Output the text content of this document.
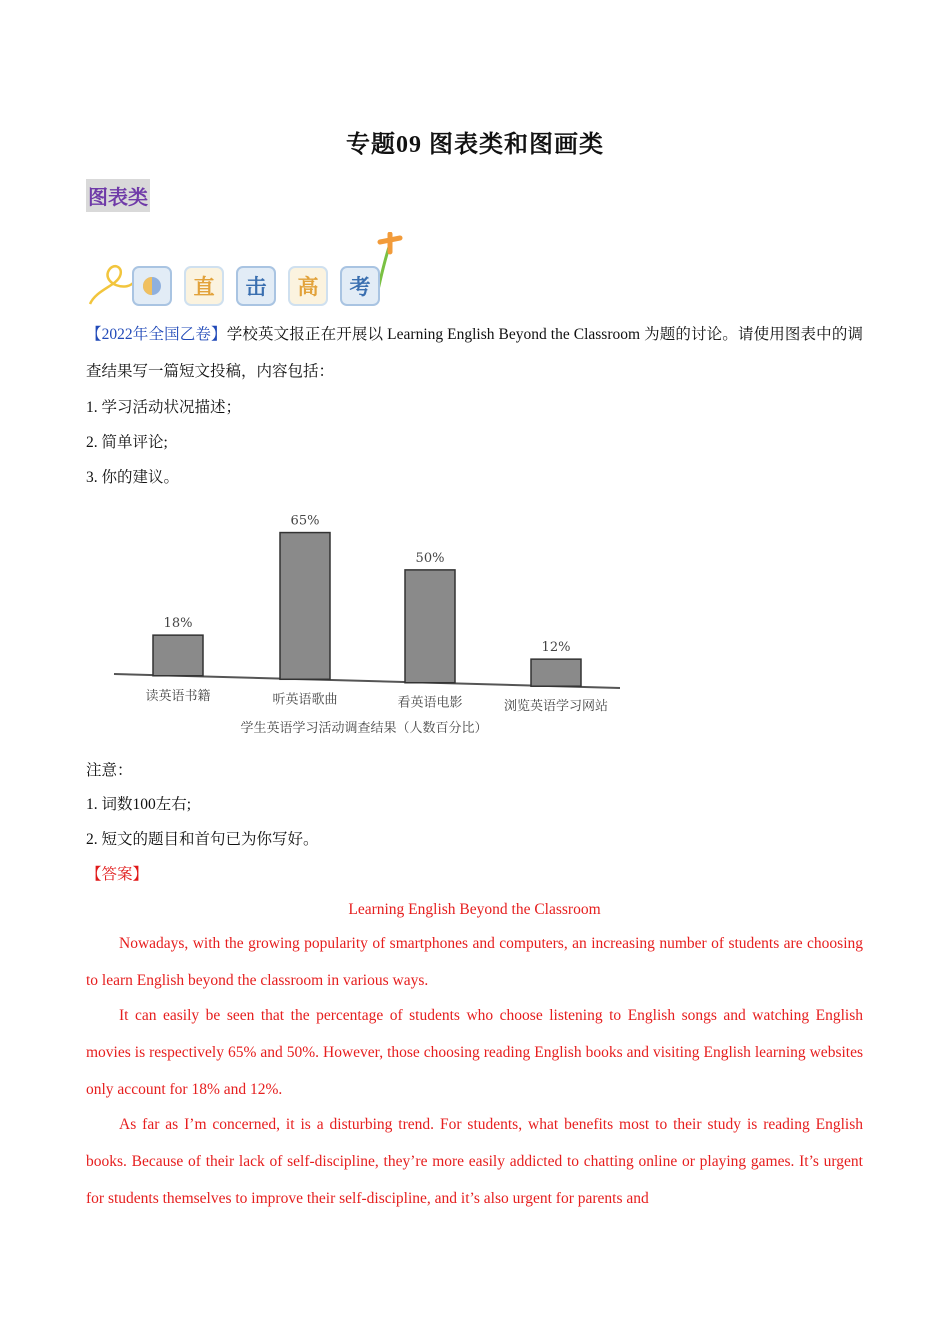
专题09 图表类和图画类
图表类
直	击	高	考
【2022年全国乙卷】学校英文报正在开展以 Learning English Beyond the Classroom 为题的讨论。请使用图表中的调查结果写一篇短文投稿，内容包括：
1. 学习活动状况描述；
2. 简单评论;
3. 你的建议。
18%
读英语书籍
65%
听英语歌曲
50%
看英语电影
12%
浏览英语学习网站
学生英语学习活动调查结果（人数百分比）
注意：
1. 词数100左右;
2. 短文的题目和首句已为你写好。
【答案】
Learning English Beyond the Classroom
Nowadays, with the growing popularity of smartphones and computers, an increasing number of students are choosing to learn English beyond the classroom in various ways.
It can easily be seen that the percentage of students who choose listening to English songs and watching English movies is respectively 65% and 50%. However, those choosing reading English books and visiting English learning websites only account for 18% and 12%.
As far as I’m concerned, it is a disturbing trend. For students, what benefits most to their study is reading English books. Because of their lack of self-discipline, they’re more easily addicted to chatting online or playing games. It’s urgent for students themselves to improve their self-discipline, and it’s also urgent for parents and
